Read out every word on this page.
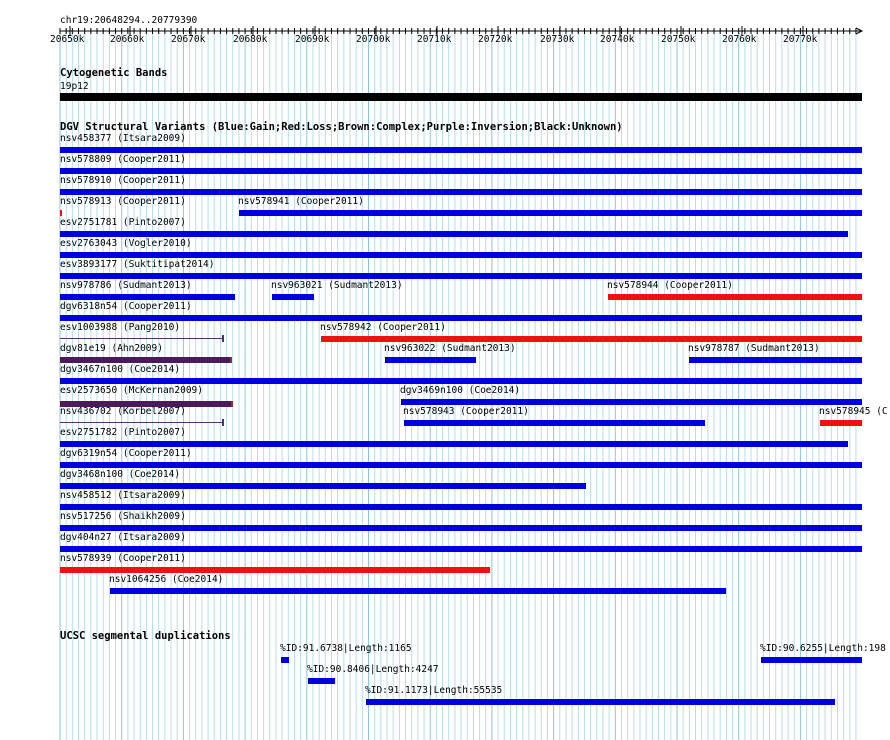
chr19:20648294..20779390
20650k	20660k	20670k	20680k	20690k	20700k	20710k	20720k	20730k	20740k	20750k	20760k	20770k
Cytogenetic Bands
19p12
DGV Structural Variants (Blue:Gain;Red:Loss;Brown:Complex;Purple:Inversion;Black:Unknown)
nsv458377 (Itsara2009)
nsv578809 (Cooper2011)
nsv578910 (Cooper2011)
nsv578913 (Cooper2011)	nsv578941 (Cooper2011)
esv2751781 (Pinto2007)
esv2763043 (Vogler2010)
esv3893177 (Suktitipat2014)
nsv978786 (Sudmant2013)	nsv963021 (Sudmant2013)	nsv578944 (Cooper2011)
dgv6318n54 (Cooper2011)
esv1003988 (Pang2010)	nsv578942 (Cooper2011)
dgv81e19 (Ahn2009)	nsv963022 (Sudmant2013)	nsv978787 (Sudmant2013)
dgv3467n100 (Coe2014)
esv2573650 (McKernan2009)	dgv3469n100 (Coe2014)
nsv436702 (Korbel2007)	nsv578943 (Cooper2011)	nsv578945 (C
esv2751782 (Pinto2007)
dgv6319n54 (Cooper2011)
dgv3468n100 (Coe2014)
nsv458512 (Itsara2009)
nsv517256 (Shaikh2009)
dgv404n27 (Itsara2009)
nsv578939 (Cooper2011)
nsv1064256 (Coe2014)
UCSC segmental duplications
%ID:91.6738|Length:1165	%ID:90.6255|Length:198
%ID:90.8406|Length:4247
%ID:91.1173|Length:55535
